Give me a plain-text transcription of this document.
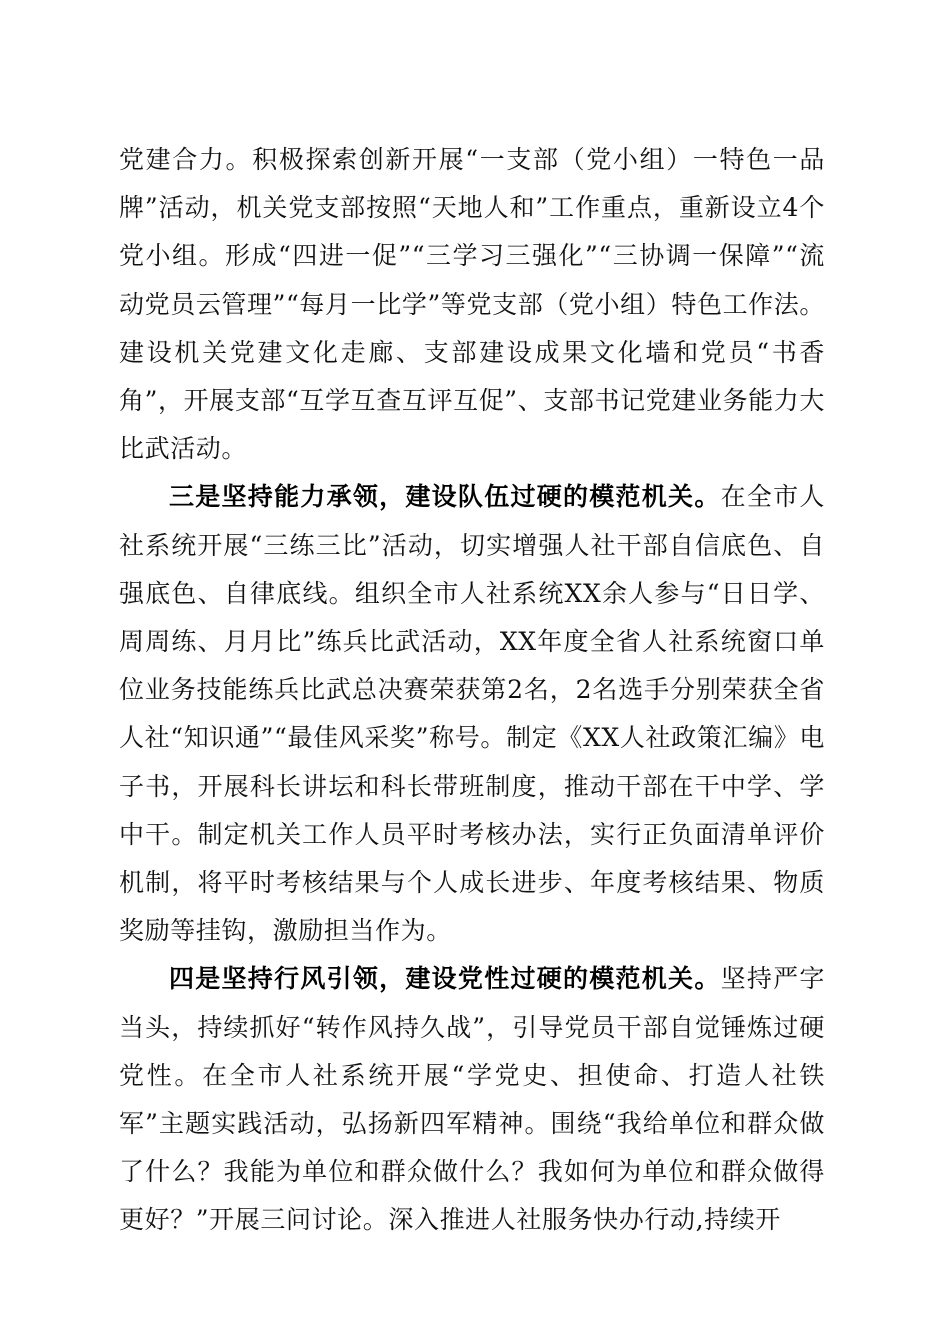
党建合力。积极探索创新开展“一支部（党小组）一特色一品牌”活动，机关党支部按照“天地人和”工作重点，重新设立4个党小组。形成“四进一促”“三学习三强化”“三协调一保障”“流动党员云管理”“每月一比学”等党支部（党小组）特色工作法。建设机关党建文化走廊、支部建设成果文化墙和党员“书香角”，开展支部“互学互查互评互促”、支部书记党建业务能力大比武活动。

三是坚持能力承领，建设队伍过硬的模范机关。在全市人社系统开展“三练三比”活动，切实增强人社干部自信底色、自强底色、自律底线。组织全市人社系统XX余人参与“日日学、周周练、月月比”练兵比武活动，XX年度全省人社系统窗口单位业务技能练兵比武总决赛荣获第2名，2名选手分别荣获全省人社“知识通”“最佳风采奖”称号。制定《XX人社政策汇编》电子书，开展科长讲坛和科长带班制度，推动干部在干中学、学中干。制定机关工作人员平时考核办法，实行正负面清单评价机制，将平时考核结果与个人成长进步、年度考核结果、物质奖励等挂钩，激励担当作为。

四是坚持行风引领，建设党性过硬的模范机关。坚持严字当头，持续抓好“转作风持久战”，引导党员干部自觉锤炼过硬党性。在全市人社系统开展“学党史、担使命、打造人社铁军”主题实践活动，弘扬新四军精神。围绕“我给单位和群众做了什么？我能为单位和群众做什么？我如何为单位和群众做得更好？”开展三问讨论。深入推进人社服务快办行动,持续开
